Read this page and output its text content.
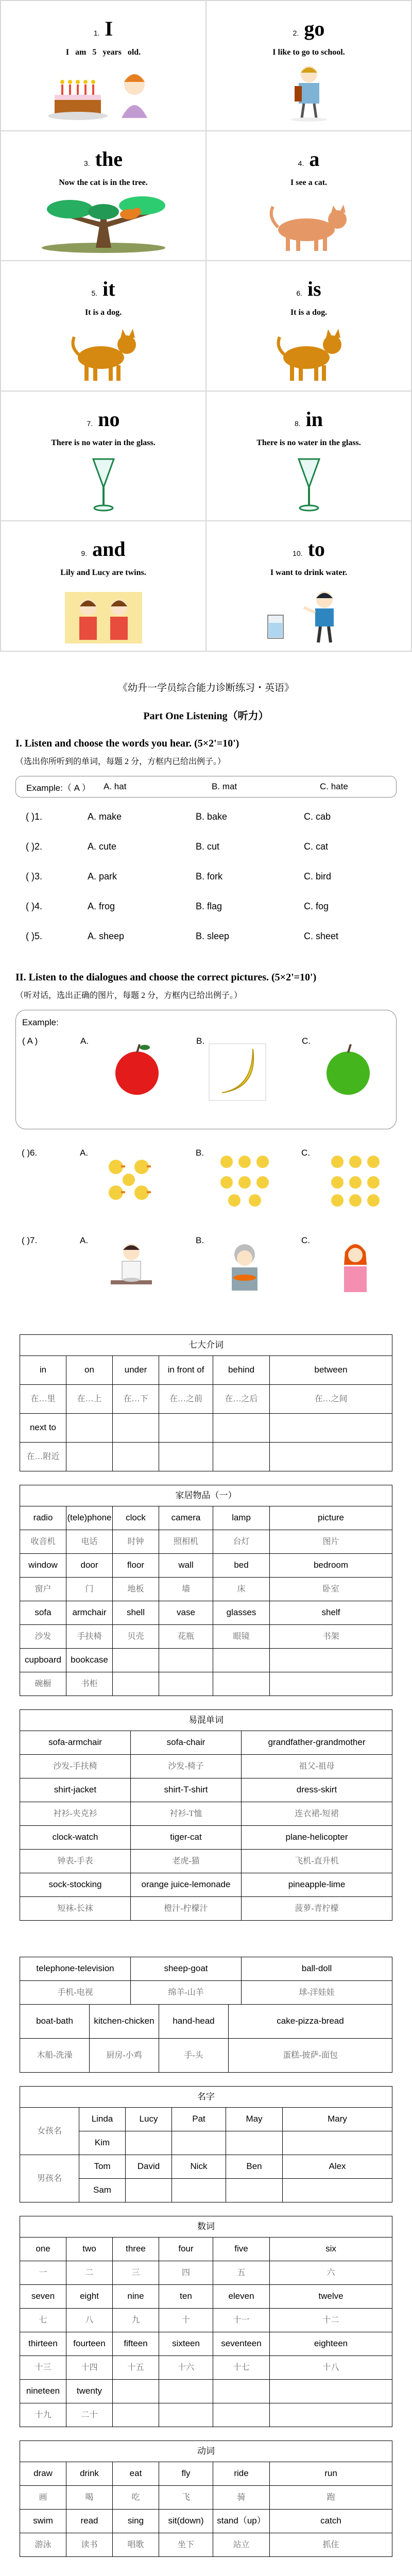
1. I
I   am   5   years   old.
2. go
I like to go to school.
3. the
Now the cat is in the tree.
4. a
I see a cat.
5. it
It is a dog.
6. is
It is a dog.
7. no
There is no water in the glass.
8. in
There is no water in the glass.
9. and
Lily and Lucy are twins.
10. to
I want to drink water.
《幼升一学员综合能力诊断练习・英语》
Part One Listening（听力）
I. Listen and choose the words you hear. (5×2'=10')
（选出你所听到的单词，每题 2 分，方框内已给出例子。）
Example:（ A ）	A. hat	B. mat	C. hate
( )1.	A. make	B. bake	C. cab
( )2.	A. cute	B. cut	C. cat
( )3.	A. park	B. fork	C. bird
( )4.	A. frog	B. flag	C. fog
( )5.	A. sheep	B. sleep	C. sheet
II. Listen to the dialogues and choose the correct pictures. (5×2'=10')
（听对话，选出正确的图片，每题 2 分，方框内已给出例子。）
Example:
( A )	A.	B.	C.
( )6.	A.	B.	C.
( )7.	A.	B.	C.
七大介词
in	on	under	in front of	behind	between
在…里	在…上	在…下	在…之前	在…之后	在…之间
next to
在…附近
家居物品（一）
radio	(tele)phone	clock	camera	lamp	picture
收音机	电话	时钟	照相机	台灯	图片
window	door	floor	wall	bed	bedroom
窗户	门	地板	墙	床	卧室
sofa	armchair	shell	vase	glasses	shelf
沙发	手扶椅	贝壳	花瓶	眼镜	书架
cupboard	bookcase
碗橱	书柜
易混单词
sofa-armchair	sofa-chair	grandfather-grandmother
沙发-手扶椅	沙发-椅子	祖父-祖母
shirt-jacket	shirt-T-shirt	dress-skirt
衬衫-夹克衫	衬衫-T恤	连衣裙-短裙
clock-watch	tiger-cat	plane-helicopter
钟表-手表	老虎-猫	飞机-直升机
sock-stocking	orange juice-lemonade	pineapple-lime
短袜-长袜	橙汁-柠檬汁	菠萝-青柠檬
telephone-television	sheep-goat	ball-doll
手机-电视	绵羊-山羊	球-洋娃娃
boat-bath	kitchen-chicken	hand-head	cake-pizza-bread
木船-洗澡	厨房-小鸡	手-头	蛋糕-披萨-面包
名字
女孩名
Linda	Lucy	Pat	May	Mary
Kim
男孩名
Tom	David	Nick	Ben	Alex
Sam
数词
one	two	three	four	five	six
一	二	三	四	五	六
seven	eight	nine	ten	eleven	twelve
七	八	九	十	十一	十二
thirteen	fourteen	fifteen	sixteen	seventeen	eighteen
十三	十四	十五	十六	十七	十八
nineteen	twenty
十九	二十
动词
draw	drink	eat	fly	ride	run
画	喝	吃	飞	骑	跑
swim	read	sing	sit(down)	stand（up）	catch
游泳	读书	唱歌	坐下	站立	抓住
